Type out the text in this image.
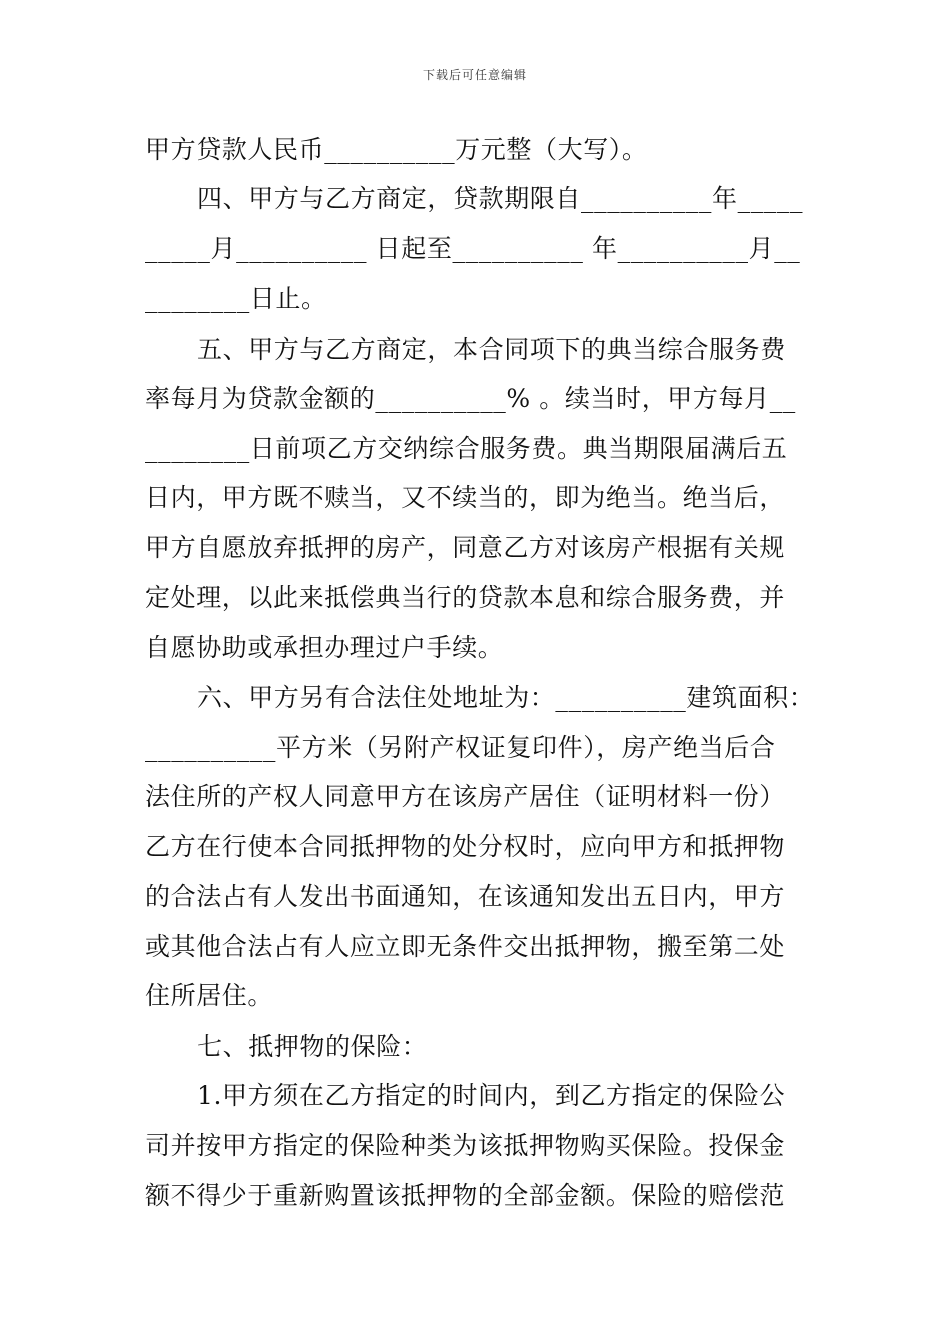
下载后可任意编辑
甲方贷款人民币__________万元整（大写）。
四、甲方与乙方商定，贷款期限自__________年_____
_____月__________ 日起至__________ 年__________月__
________日止。
五、甲方与乙方商定，本合同项下的典当综合服务费
率每月为贷款金额的__________% 。续当时，甲方每月__
________日前项乙方交纳综合服务费。典当期限届满后五
日内，甲方既不赎当，又不续当的，即为绝当。绝当后，
甲方自愿放弃抵押的房产，同意乙方对该房产根据有关规
定处理，以此来抵偿典当行的贷款本息和综合服务费，并
自愿协助或承担办理过户手续。
六、甲方另有合法住处地址为：__________建筑面积：
__________平方米（另附产权证复印件），房产绝当后合
法住所的产权人同意甲方在该房产居住（证明材料一份）
乙方在行使本合同抵押物的处分权时，应向甲方和抵押物
的合法占有人发出书面通知，在该通知发出五日内，甲方
或其他合法占有人应立即无条件交出抵押物，搬至第二处
住所居住。
七、抵押物的保险：
1.甲方须在乙方指定的时间内，到乙方指定的保险公
司并按甲方指定的保险种类为该抵押物购买保险。投保金
额不得少于重新购置该抵押物的全部金额。保险的赔偿范
